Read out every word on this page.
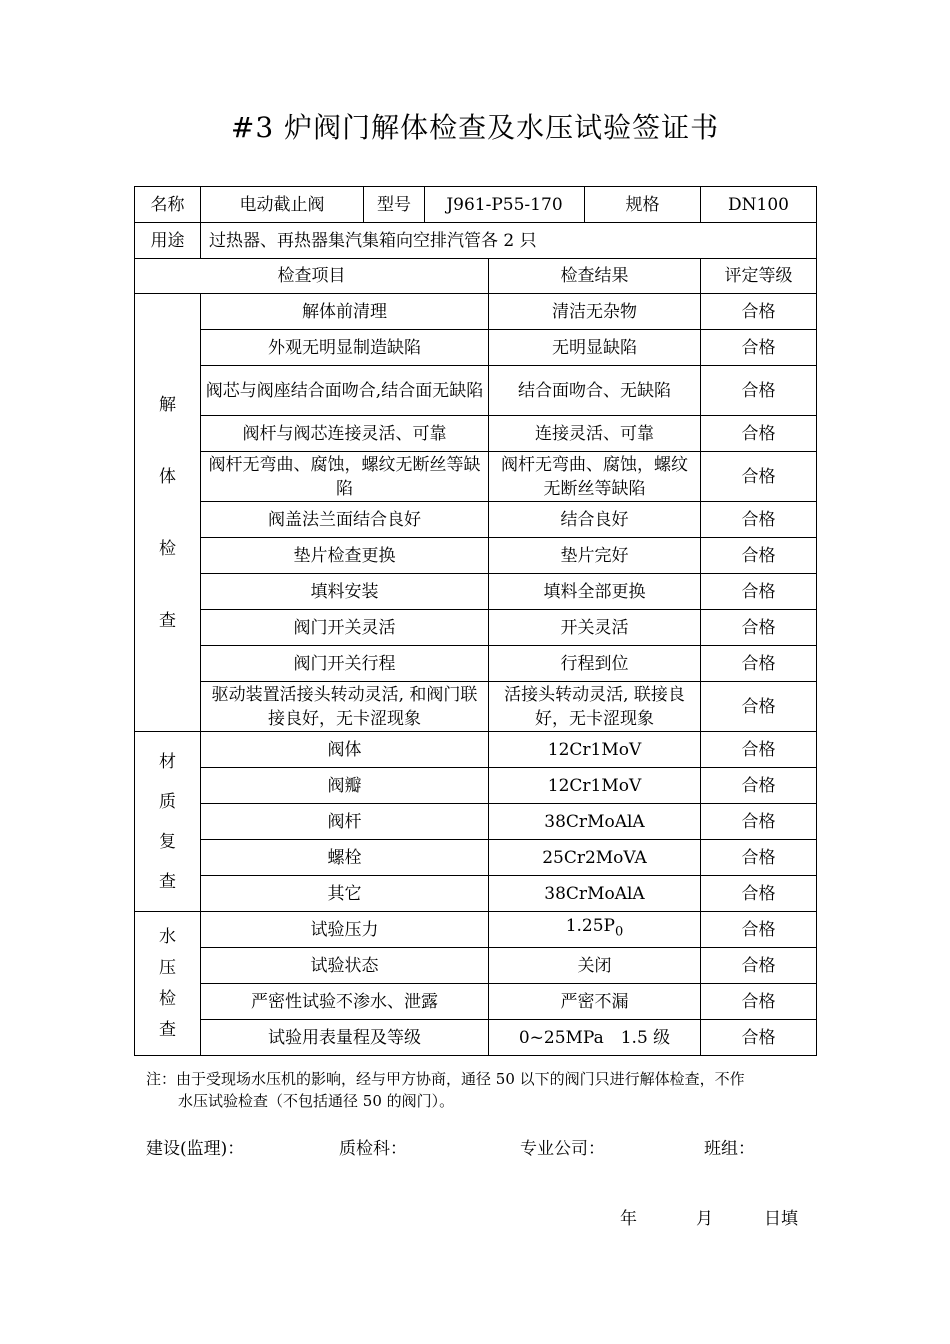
#3 炉阀门解体检查及水压试验签证书
名称	电动截止阀	型号	J961-P55-170		规格	DN100
用途	过热器、再热器集汽集箱向空排汽管各 2 只					
检查项目				检查结果		评定等级

解
体
检
查	解体前清理			清洁无杂物		合格
	外观无明显制造缺陷			无明显缺陷		合格
	阀芯与阀座结合面吻合,结合面无缺陷			结合面吻合、无缺陷		合格
	阀杆与阀芯连接灵活、可靠			连接灵活、可靠		合格
	阀杆无弯曲、腐蚀，螺纹无断丝等缺陷			阀杆无弯曲、腐蚀，螺纹无断丝等缺陷		合格
	阀盖法兰面结合良好			结合良好		合格
	垫片检查更换			垫片完好		合格
	填料安装			填料全部更换		合格
	阀门开关灵活			开关灵活		合格
	阀门开关行程			行程到位		合格
	驱动装置活接头转动灵活, 和阀门联接良好，无卡涩现象			活接头转动灵活, 联接良好，无卡涩现象		合格

材
质
复
查	阀体			12Cr1MoV		合格
	阀瓣			12Cr1MoV		合格
	阀杆			38CrMoAlA		合格
	螺栓			25Cr2MoVA		合格
	其它			38CrMoAlA		合格

水
压
检
查	试验压力			$1.25P_0$		合格
	试验状态			关闭		合格
	严密性试验不渗水、泄露			严密不漏		合格
	试验用表量程及等级			0~25MPa　1.5 级		合格
注：由于受现场水压机的影响，经与甲方协商，通径 50 以下的阀门只进行解体检查，不作
水压试验检查（不包括通径 50 的阀门）。
建设(监理)：	质检科：	专业公司：	班组：
年	月	日填
